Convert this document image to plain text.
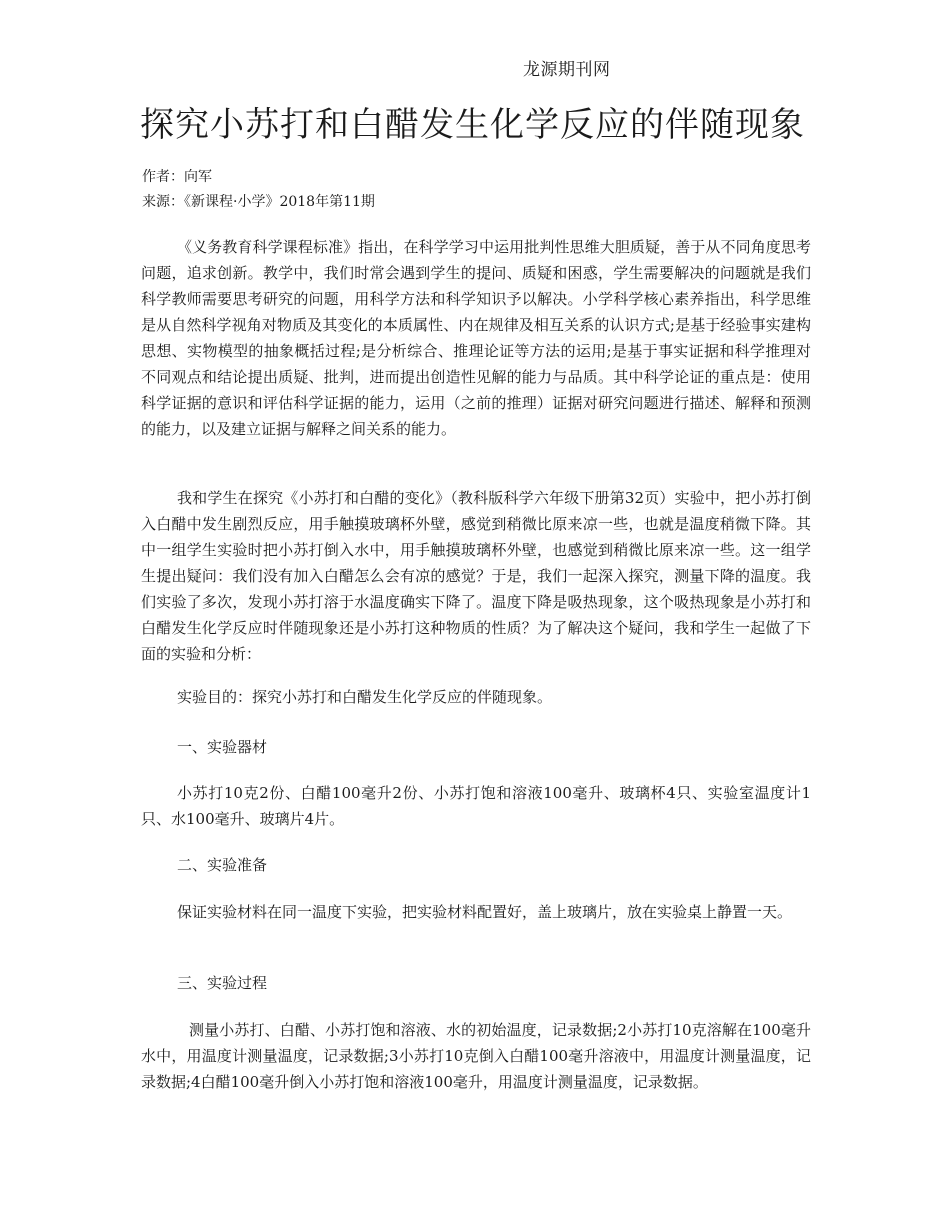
龙源期刊网
探究小苏打和白醋发生化学反应的伴随现象
作者：向军
来源：《新课程·小学》2018年第11期

《义务教育科学课程标准》指出，在科学学习中运用批判性思维大胆质疑，善于从不同角度思考问题，追求创新。教学中，我们时常会遇到学生的提问、质疑和困惑，学生需要解决的问题就是我们科学教师需要思考研究的问题，用科学方法和科学知识予以解决。小学科学核心素养指出，科学思维是从自然科学视角对物质及其变化的本质属性、内在规律及相互关系的认识方式;是基于经验事实建构思想、实物模型的抽象概括过程;是分析综合、推理论证等方法的运用;是基于事实证据和科学推理对不同观点和结论提出质疑、批判，进而提出创造性见解的能力与品质。其中科学论证的重点是：使用科学证据的意识和评估科学证据的能力，运用（之前的推理）证据对研究问题进行描述、解释和预测的能力，以及建立证据与解释之间关系的能力。

我和学生在探究《小苏打和白醋的变化》（教科版科学六年级下册第32页）实验中，把小苏打倒入白醋中发生剧烈反应，用手触摸玻璃杯外壁，感觉到稍微比原来凉一些，也就是温度稍微下降。其中一组学生实验时把小苏打倒入水中，用手触摸玻璃杯外壁，也感觉到稍微比原来凉一些。这一组学生提出疑问：我们没有加入白醋怎么会有凉的感觉？于是，我们一起深入探究，测量下降的温度。我们实验了多次，发现小苏打溶于水温度确实下降了。温度下降是吸热现象，这个吸热现象是小苏打和白醋发生化学反应时伴随现象还是小苏打这种物质的性质？为了解决这个疑问，我和学生一起做了下面的实验和分析：

实验目的：探究小苏打和白醋发生化学反应的伴随现象。

一、实验器材

小苏打10克2份、白醋100毫升2份、小苏打饱和溶液100毫升、玻璃杯4只、实验室温度计1只、水100毫升、玻璃片4片。

二、实验准备

保证实验材料在同一温度下实验，把实验材料配置好，盖上玻璃片，放在实验桌上静置一天。

三、实验过程

测量小苏打、白醋、小苏打饱和溶液、水的初始温度，记录数据;2小苏打10克溶解在100毫升水中，用温度计测量温度，记录数据;3小苏打10克倒入白醋100毫升溶液中，用温度计测量温度，记录数据;4白醋100毫升倒入小苏打饱和溶液100毫升，用温度计测量温度，记录数据。
